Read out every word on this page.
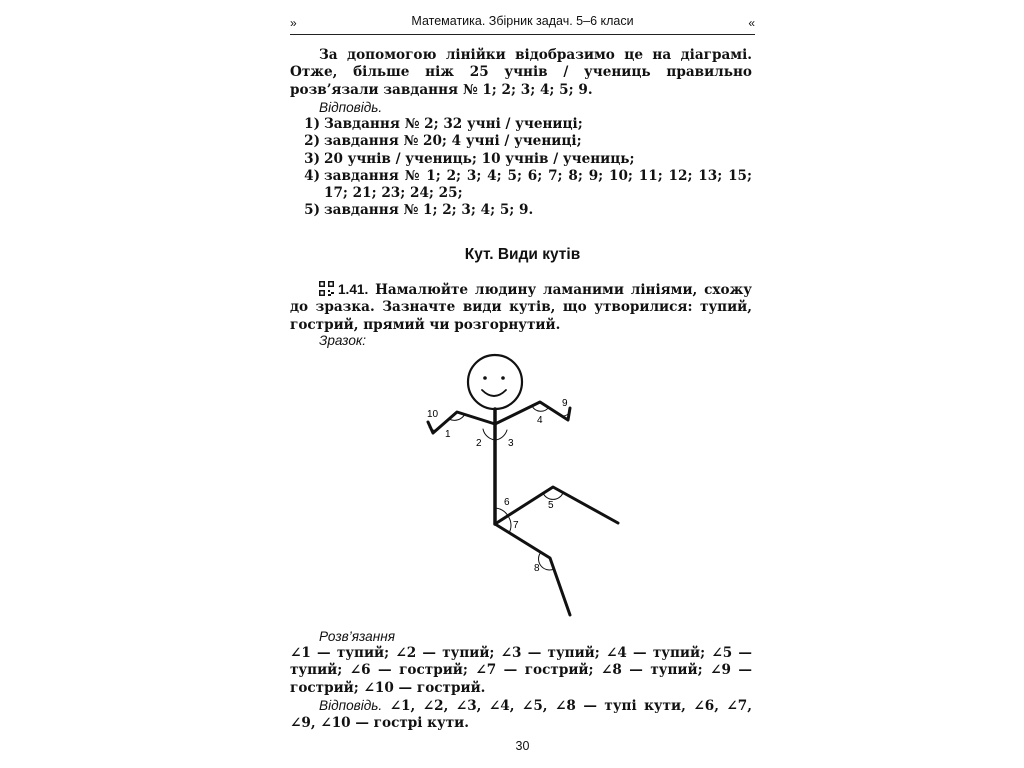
»	Математика. Збірник задач. 5–6 класи	«
За допомогою лінійки відобразимо це на діаграмі. Отже, більше ніж 25 учнів / учениць правильно розв’язали завдання № 1; 2; 3; 4; 5; 9.
Відповідь.
1) Завдання № 2; 32 учні / учениці;
2) завдання № 20; 4 учні / учениці;
3) 20 учнів / учениць; 10 учнів / учениць;
4) завдання № 1; 2; 3; 4; 5; 6; 7; 8; 9; 10; 11; 12; 13; 15; 17; 21; 23; 24; 25;
5) завдання № 1; 2; 3; 4; 5; 9.
Кут. Види кутів
1.41. Намалюйте людину ламаними лініями, схожу до зразка. Зазначте види кутів, що утворилися: тупий, гострий, прямий чи розгорнутий.
Зразок:
1
2	3
4
5
6
7
8
9
10
Розв’язання
∠1 — тупий; ∠2 — тупий; ∠3 — тупий; ∠4 — тупий; ∠5 — тупий; ∠6 — гострий; ∠7 — гострий; ∠8 — тупий; ∠9 — гострий; ∠10 — гострий.
Відповідь. ∠1, ∠2, ∠3, ∠4, ∠5, ∠8 — тупі кути, ∠6, ∠7, ∠9, ∠10 — гострі кути.
30
